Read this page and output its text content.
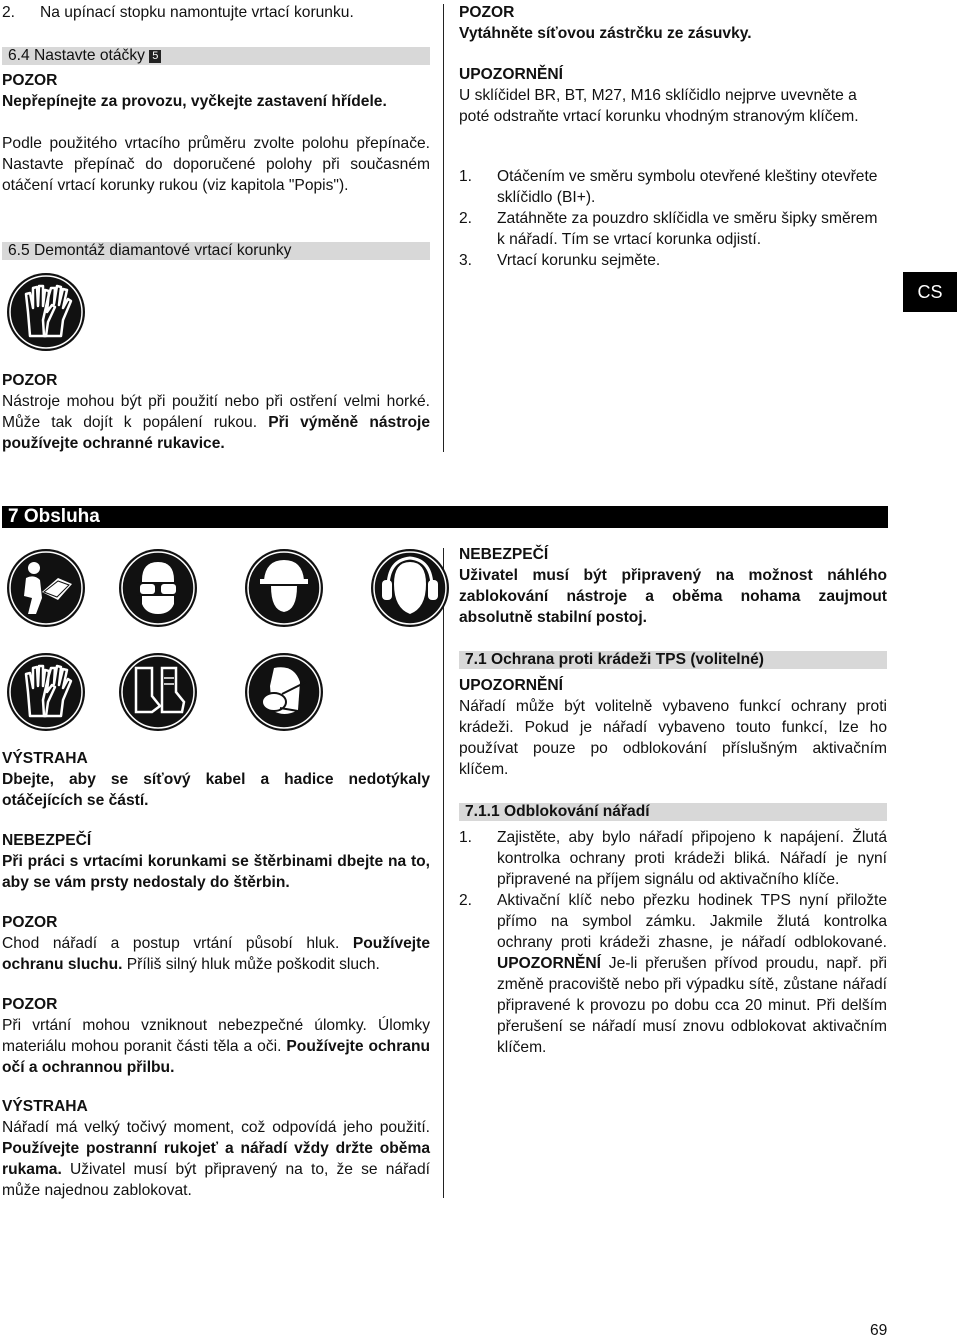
2. Na upínací stopku namontujte vrtací korunku.
6.4 Nastavte otáčky 5

POZOR

Nepřepínejte za provozu, vyčkejte zastavení hřídele.

Podle použitého vrtacího průměru zvolte polohu přepínače. Nastavte přepínač do doporučené polohy při současném otáčení vrtací korunky rukou (viz kapitola "Popis").

6.5 Demontáž diamantové vrtací korunky

POZOR

Nástroje mohou být při použití nebo při ostření velmi horké. Může tak dojít k popálení rukou. Při výměně nástroje používejte ochranné rukavice.

POZOR

Vytáhněte síťovou zástrčku ze zásuvky.

UPOZORNĚNÍ

U sklíčidel BR, BT, M27, M16 sklíčidlo nejprve uvevněte a poté odstraňte vrtací korunku vhodným stranovým klíčem.

1. Otáčením ve směru symbolu otevřené kleštiny otevřete sklíčidlo (BI+).
2. Zatáhněte za pouzdro sklíčidla ve směru šipky směrem k nářadí. Tím se vrtací korunka odjistí.
3. Vrtací korunku sejměte.
CS
7 Obsluha

VÝSTRAHA

Dbejte, aby se síťový kabel a hadice nedotýkaly otáčejících se částí.

NEBEZPEČÍ

Při práci s vrtacími korunkami se štěrbinami dbejte na to, aby se vám prsty nedostaly do štěrbin.

POZOR

Chod nářadí a postup vrtání působí hluk. Používejte ochranu sluchu. Příliš silný hluk může poškodit sluch.

POZOR

Při vrtání mohou vzniknout nebezpečné úlomky. Úlomky materiálu mohou poranit části těla a oči. Používejte ochranu očí a ochrannou přilbu.

VÝSTRAHA

Nářadí má velký točivý moment, což odpovídá jeho použití. Používejte postranní rukojeť a nářadí vždy držte oběma rukama. Uživatel musí být připravený na to, že se nářadí může najednou zablokovat.

NEBEZPEČÍ

Uživatel musí být připravený na možnost náhlého zablokování nástroje a oběma nohama zaujmout absolutně stabilní postoj.

7.1 Ochrana proti krádeži TPS (volitelné)

UPOZORNĚNÍ

Nářadí může být volitelně vybaveno funkcí ochrany proti krádeži. Pokud je nářadí vybaveno touto funkcí, lze ho používat pouze po odblokování příslušným aktivačním klíčem.

7.1.1 Odblokování nářadí
1. Zajistěte, aby bylo nářadí připojeno k napájení. Žlutá kontrolka ochrany proti krádeži bliká. Nářadí je nyní připravené na příjem signálu od aktivačního klíče.
2. Aktivační klíč nebo přezku hodinek TPS nyní přiložte přímo na symbol zámku. Jakmile žlutá kontrolka ochrany proti krádeži zhasne, je nářadí odblokované. UPOZORNĚNÍ Je-li přerušen přívod proudu, např. při změně pracoviště nebo při výpadku sítě, zůstane nářadí připravené k provozu po dobu cca 20 minut. Při delším přerušení se nářadí musí znovu odblokovat aktivačním klíčem.
69
